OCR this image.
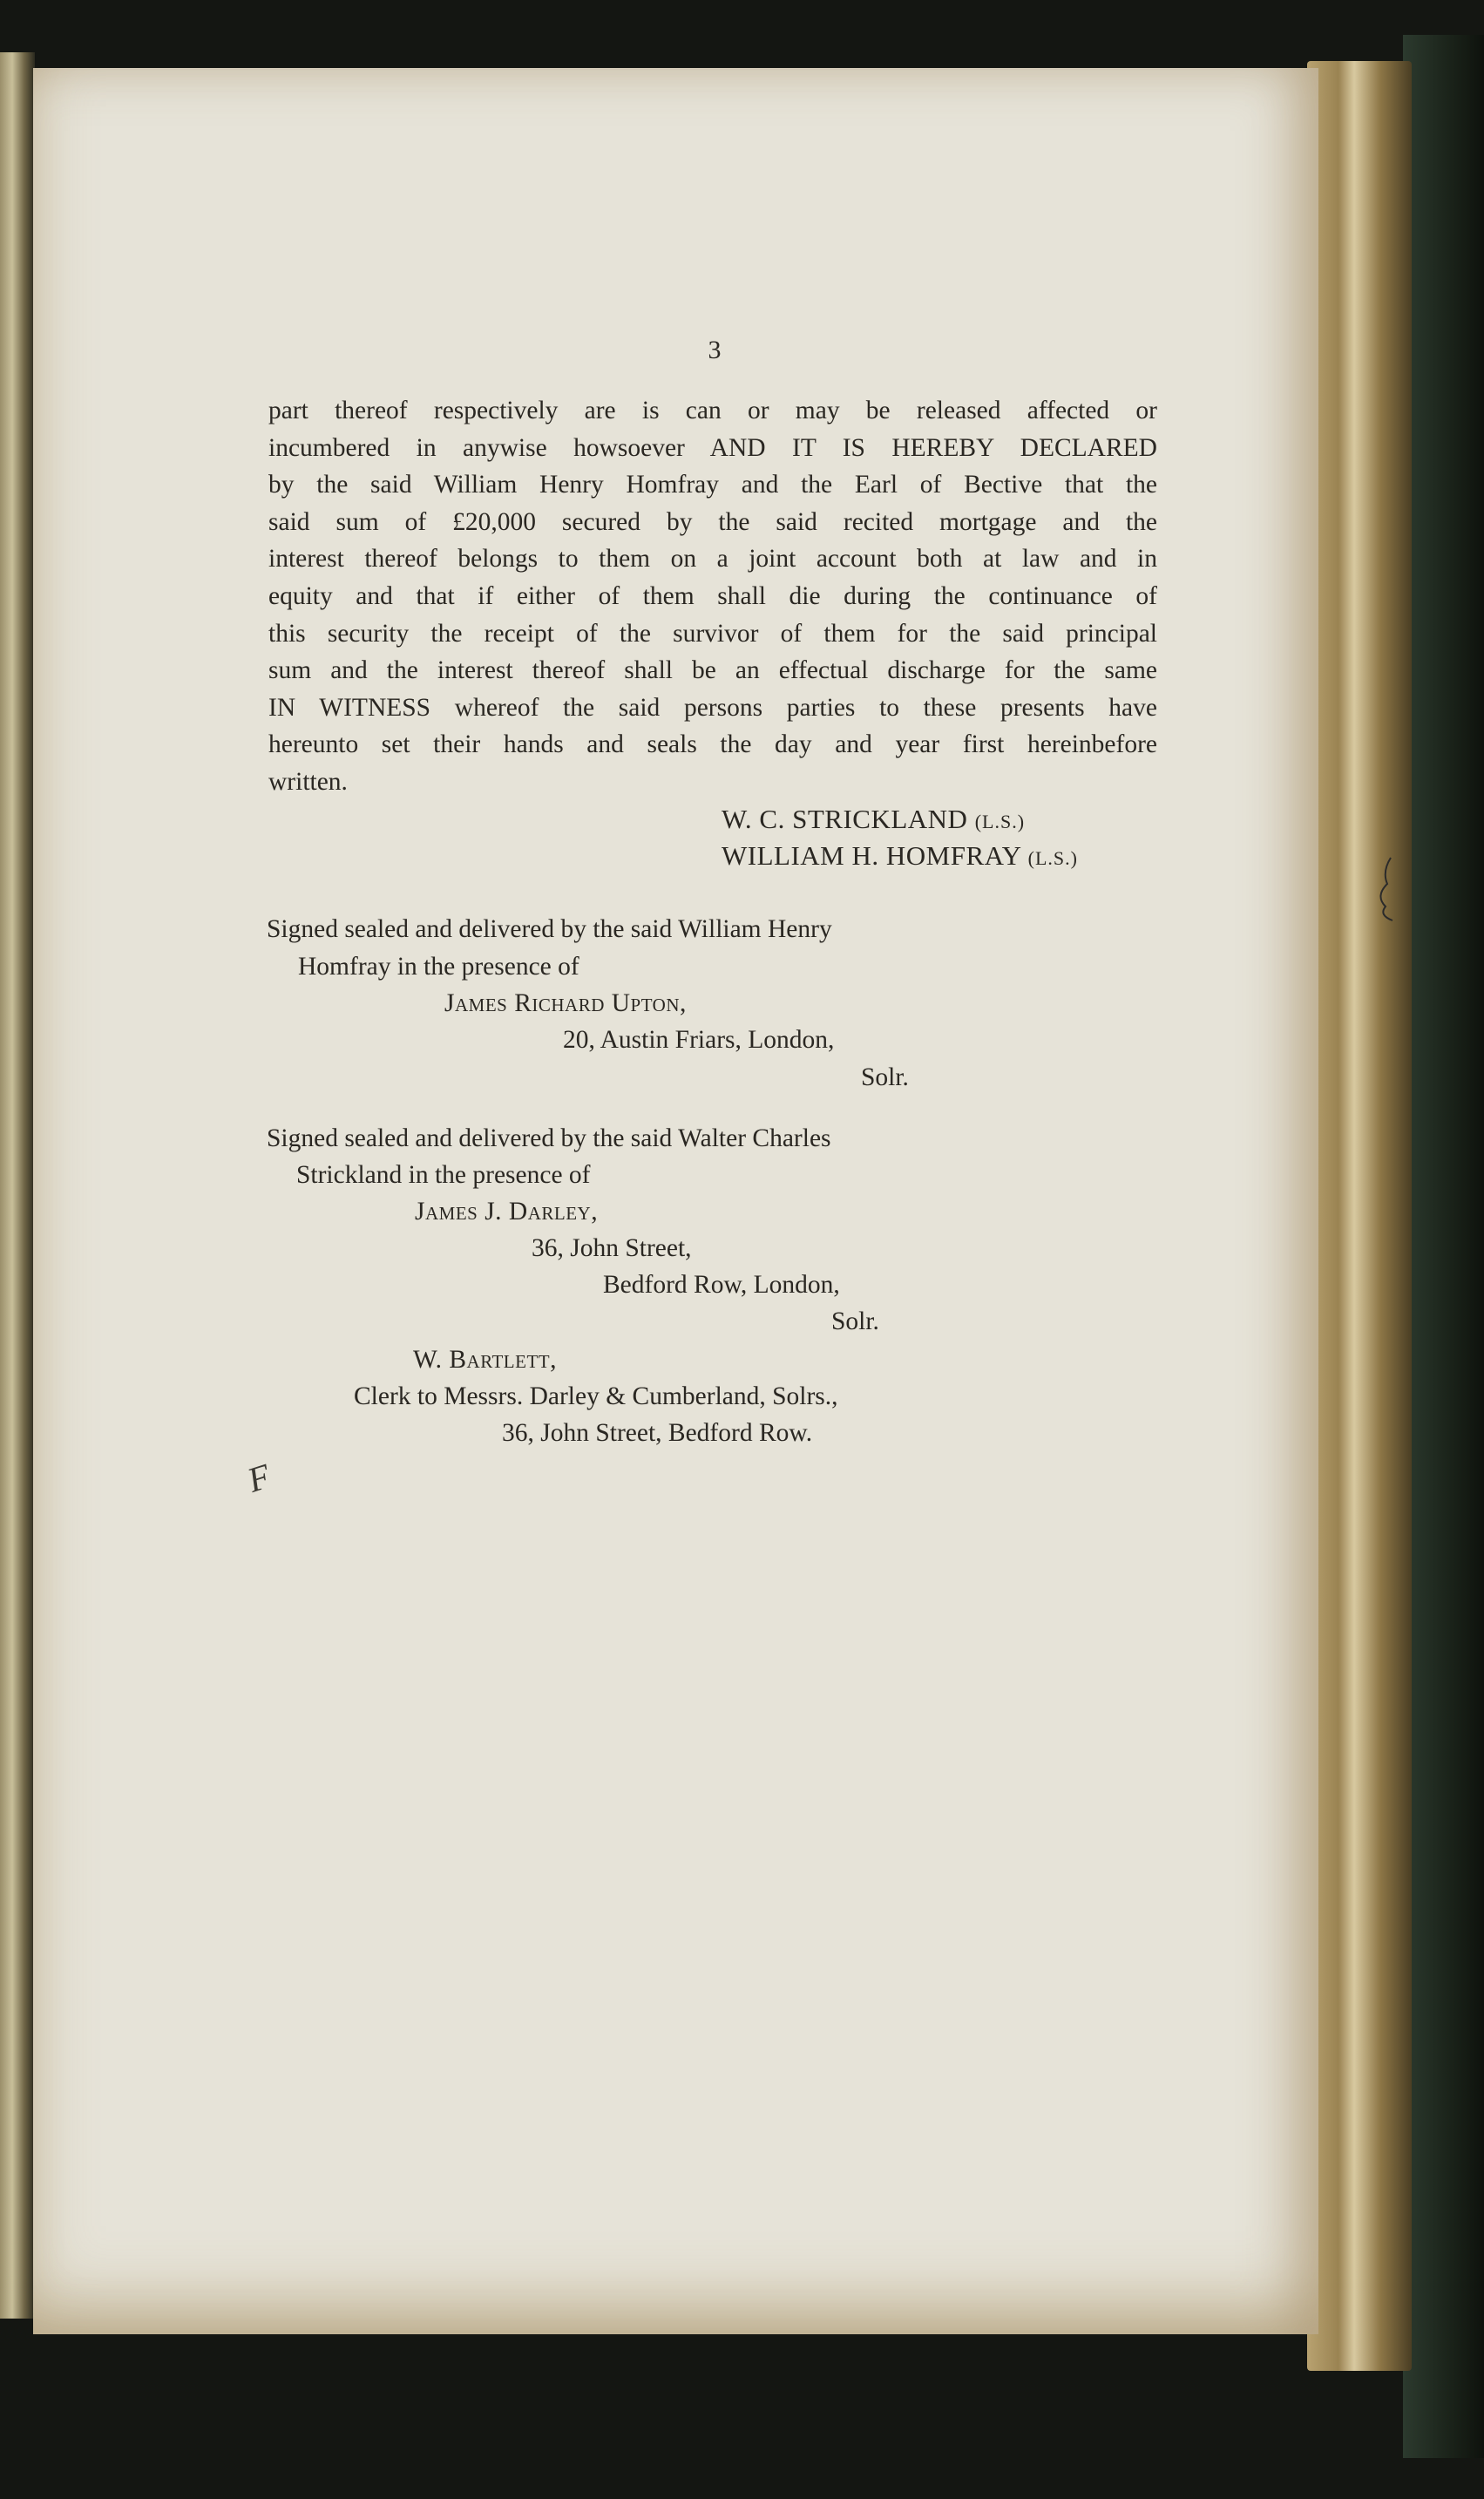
3
part thereof respectively are is can or may be released affected or
incumbered in anywise howsoever AND IT IS HEREBY DECLARED
by the said William Henry Homfray and the Earl of Bective that the
said sum of £20,000 secured by the said recited mortgage and the
interest thereof belongs to them on a joint account both at law and in
equity and that if either of them shall die during the continuance of
this security the receipt of the survivor of them for the said principal
sum and the interest thereof shall be an effectual discharge for the same
IN WITNESS whereof the said persons parties to these presents have
hereunto set their hands and seals the day and year first hereinbefore
written.
W. C. STRICKLAND (L.S.)
WILLIAM H. HOMFRAY (L.S.)
Signed sealed and delivered by the said William Henry
Homfray in the presence of
James Richard Upton,
20, Austin Friars, London,
Solr.
Signed sealed and delivered by the said Walter Charles
Strickland in the presence of
James J. Darley,
36, John Street,
Bedford Row, London,
Solr.
W. Bartlett,
Clerk to Messrs. Darley & Cumberland, Solrs.,
36, John Street, Bedford Row.
F
